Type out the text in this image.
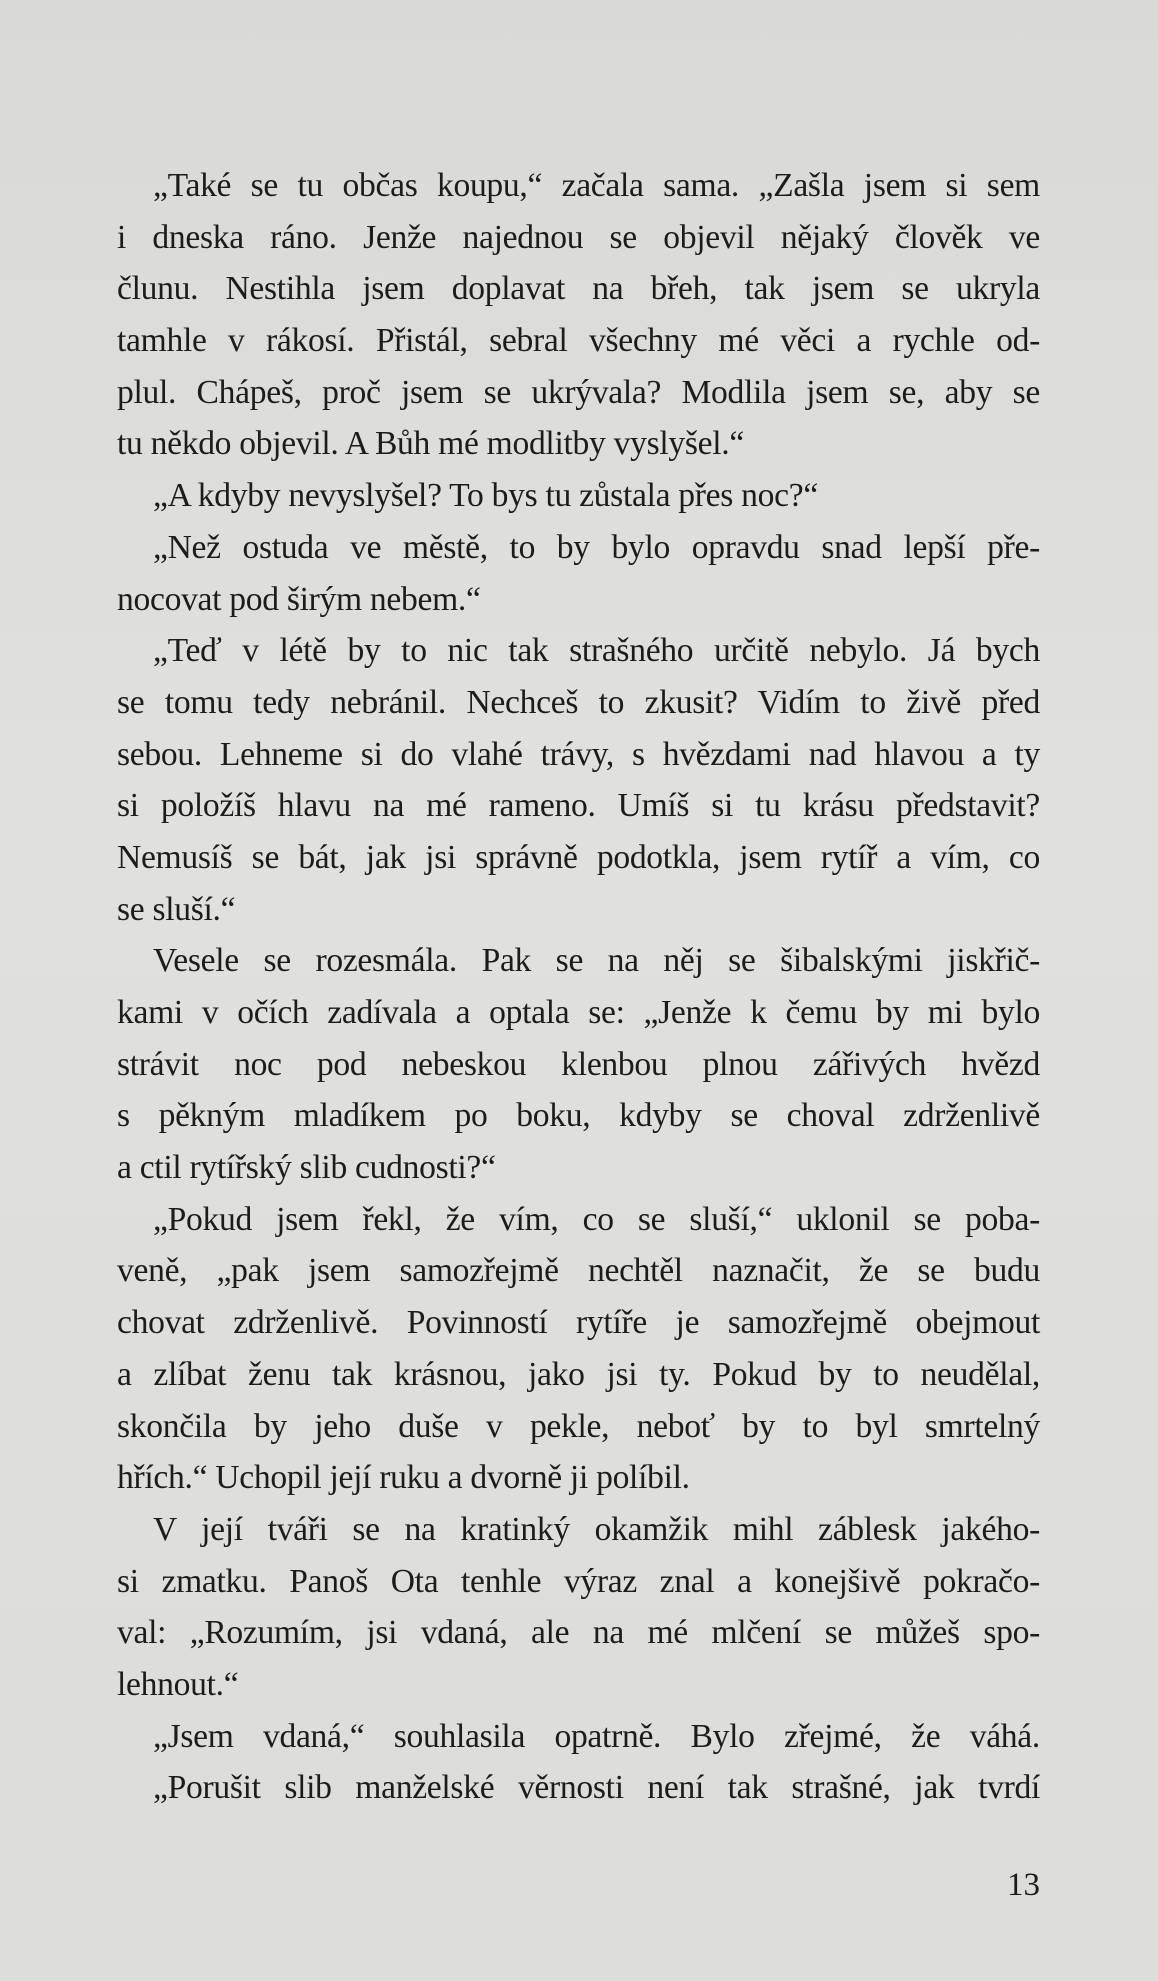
„Také se tu občas koupu,“ začala sama. „Zašla jsem si sem
i dneska ráno. Jenže najednou se objevil nějaký člověk ve
člunu. Nestihla jsem doplavat na břeh, tak jsem se ukryla
tamhle v rákosí. Přistál, sebral všechny mé věci a rychle od-
plul. Chápeš, proč jsem se ukrývala? Modlila jsem se, aby se
tu někdo objevil. A Bůh mé modlitby vyslyšel.“
„A kdyby nevyslyšel? To bys tu zůstala přes noc?“
„Než ostuda ve městě, to by bylo opravdu snad lepší pře-
nocovat pod širým nebem.“
„Teď v létě by to nic tak strašného určitě nebylo. Já bych
se tomu tedy nebránil. Nechceš to zkusit? Vidím to živě před
sebou. Lehneme si do vlahé trávy, s hvězdami nad hlavou a ty
si položíš hlavu na mé rameno. Umíš si tu krásu představit?
Nemusíš se bát, jak jsi správně podotkla, jsem rytíř a vím, co
se sluší.“
Vesele se rozesmála. Pak se na něj se šibalskými jiskřič-
kami v očích zadívala a optala se: „Jenže k čemu by mi bylo
strávit noc pod nebeskou klenbou plnou zářivých hvězd
s pěkným mladíkem po boku, kdyby se choval zdrženlivě
a ctil rytířský slib cudnosti?“
„Pokud jsem řekl, že vím, co se sluší,“ uklonil se poba-
veně, „pak jsem samozřejmě nechtěl naznačit, že se budu
chovat zdrženlivě. Povinností rytíře je samozřejmě obejmout
a zlíbat ženu tak krásnou, jako jsi ty. Pokud by to neudělal,
skončila by jeho duše v pekle, neboť by to byl smrtelný
hřích.“ Uchopil její ruku a dvorně ji políbil.
V její tváři se na kratinký okamžik mihl záblesk jakého-
si zmatku. Panoš Ota tenhle výraz znal a konejšivě pokračo-
val: „Rozumím, jsi vdaná, ale na mé mlčení se můžeš spo-
lehnout.“
„Jsem vdaná,“ souhlasila opatrně. Bylo zřejmé, že váhá.
„Porušit slib manželské věrnosti není tak strašné, jak tvrdí
13
